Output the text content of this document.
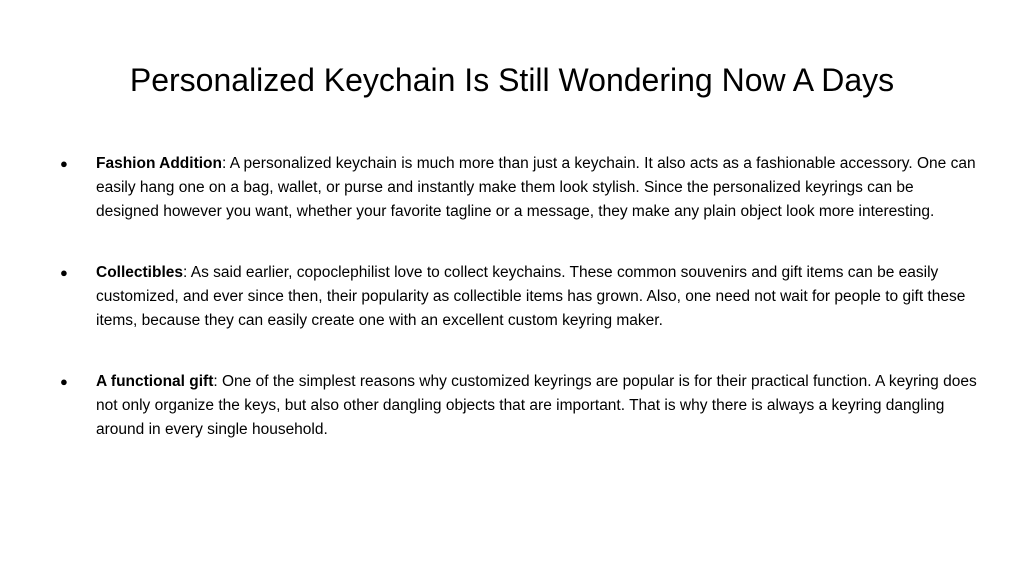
Personalized Keychain Is Still Wondering Now A Days
● Fashion Addition: A personalized keychain is much more than just a keychain. It also acts as a fashionable accessory. One can easily hang one on a bag, wallet, or purse and instantly make them look stylish. Since the personalized keyrings can be designed however you want, whether your favorite tagline or a message, they make any plain object look more interesting.
● Collectibles: As said earlier, copoclephilist love to collect keychains. These common souvenirs and gift items can be easily customized, and ever since then, their popularity as collectible items has grown. Also, one need not wait for people to gift these items, because they can easily create one with an excellent custom keyring maker.
● A functional gift: One of the simplest reasons why customized keyrings are popular is for their practical function. A keyring does not only organize the keys, but also other dangling objects that are important. That is why there is always a keyring dangling around in every single household.
